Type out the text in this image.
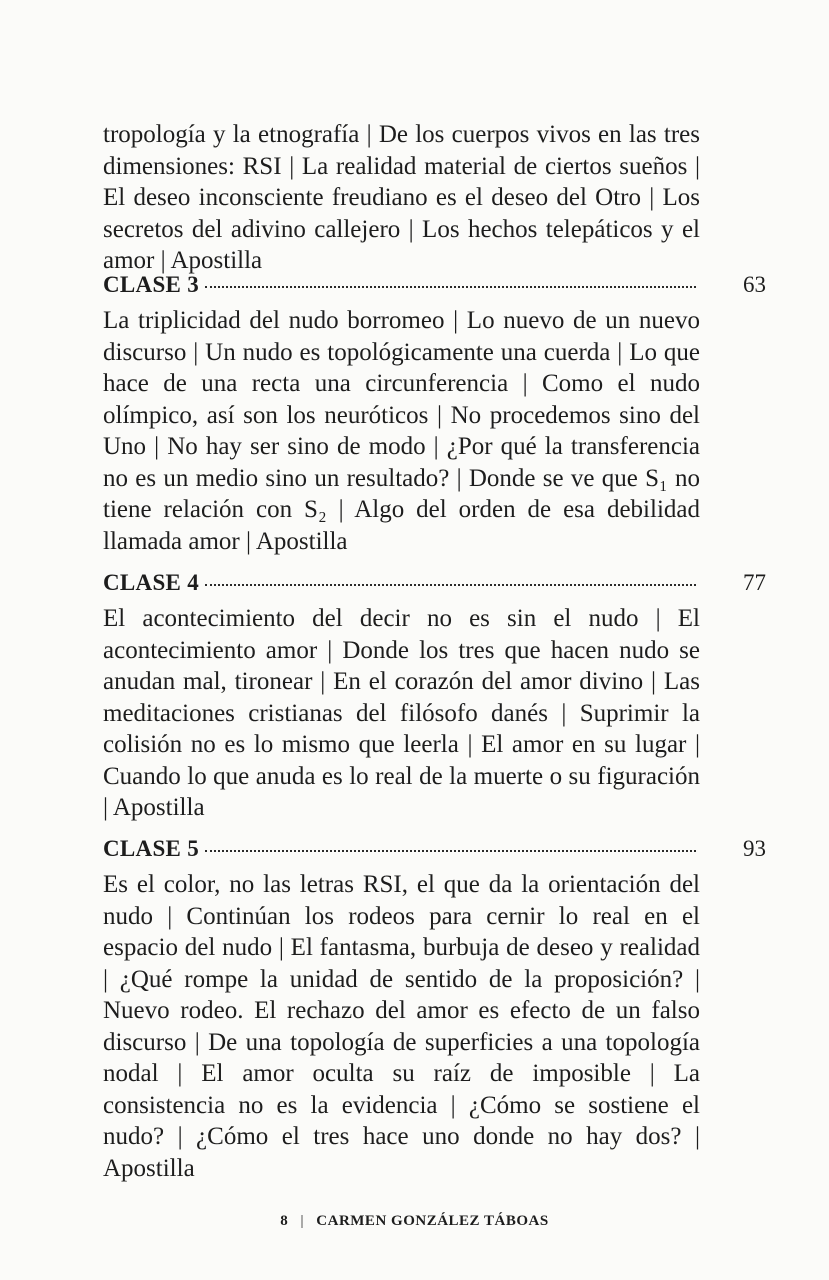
tropología y la etnografía | De los cuerpos vivos en las tres dimensiones: RSI | La realidad material de ciertos sueños | El deseo inconsciente freudiano es el deseo del Otro | Los secretos del adivino callejero | Los hechos telepáticos y el amor | Apostilla

CLASE 3	63

La triplicidad del nudo borromeo | Lo nuevo de un nuevo discurso | Un nudo es topológicamente una cuerda | Lo que hace de una recta una circunferencia | Como el nudo olímpico, así son los neuróticos | No procedemos sino del Uno | No hay ser sino de modo | ¿Por qué la transferencia no es un medio sino un resultado? | Donde se ve que S₁ no tiene relación con S₂ | Algo del orden de esa debilidad llamada amor | Apostilla

CLASE 4	77

El acontecimiento del decir no es sin el nudo | El acontecimiento amor | Donde los tres que hacen nudo se anudan mal, tironear | En el corazón del amor divino | Las meditaciones cristianas del filósofo danés | Suprimir la colisión no es lo mismo que leerla | El amor en su lugar | Cuando lo que anuda es lo real de la muerte o su figuración | Apostilla

CLASE 5	93

Es el color, no las letras RSI, el que da la orientación del nudo | Continúan los rodeos para cernir lo real en el espacio del nudo | El fantasma, burbuja de deseo y realidad | ¿Qué rompe la unidad de sentido de la proposición? | Nuevo rodeo. El rechazo del amor es efecto de un falso discurso | De una topología de superficies a una topología nodal | El amor oculta su raíz de imposible | La consistencia no es la evidencia | ¿Cómo se sostiene el nudo? | ¿Cómo el tres hace uno donde no hay dos? | Apostilla

8 | CARMEN GONZÁLEZ TÁBOAS
